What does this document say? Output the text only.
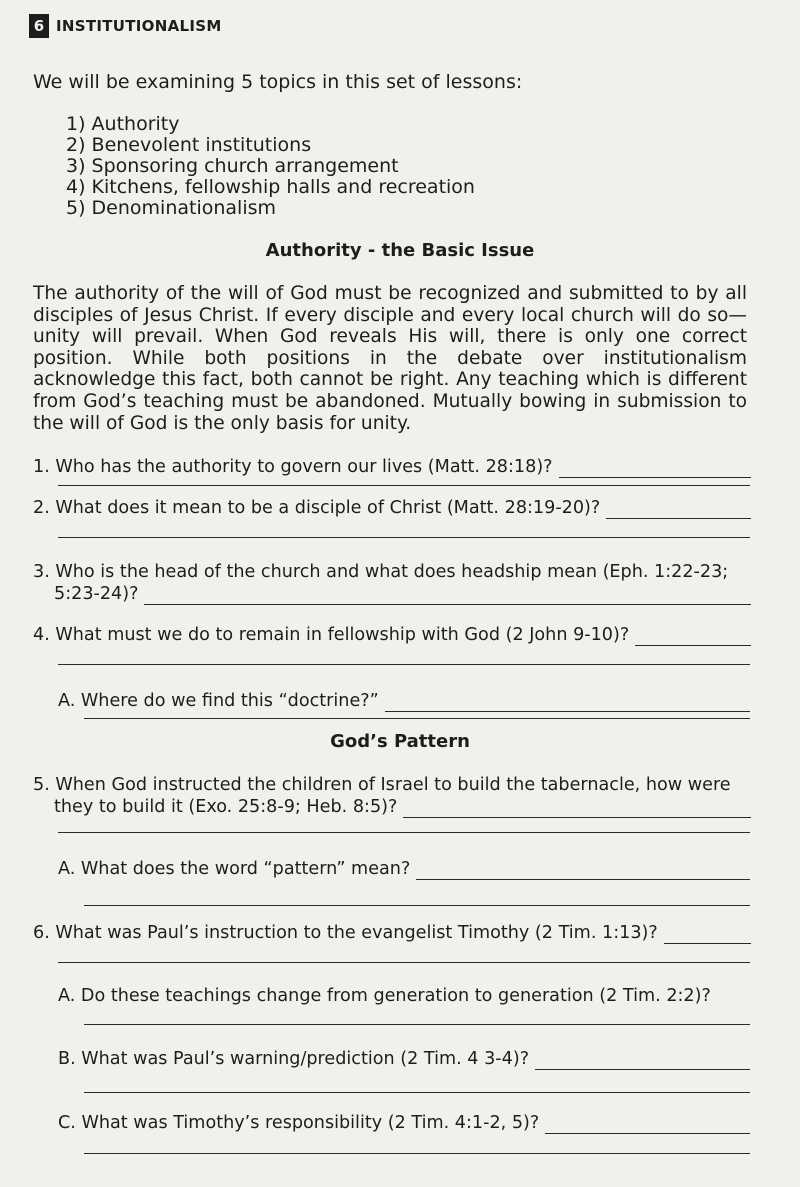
6 INSTITUTIONALISM
We will be examining 5 topics in this set of lessons:
1) Authority
2) Benevolent institutions
3) Sponsoring church arrangement
4) Kitchens, fellowship halls and recreation
5) Denominationalism
Authority - the Basic Issue
The authority of the will of God must be recognized and submitted to by all disciples of Jesus Christ. If every disciple and every local church will do so—unity will prevail. When God reveals His will, there is only one correct position. While both positions in the debate over institutionalism acknowledge this fact, both cannot be right. Any teaching which is different from God’s teaching must be abandoned. Mutually bowing in submission to the will of God is the only basis for unity.
1. Who has the authority to govern our lives (Matt. 28:18)?
2. What does it mean to be a disciple of Christ (Matt. 28:19-20)?
3. Who is the head of the church and what does headship mean (Eph. 1:22-23;
5:23-24)?
4. What must we do to remain in fellowship with God (2 John 9-10)?
A. Where do we find this “doctrine?”
God’s Pattern
5. When God instructed the children of Israel to build the tabernacle, how were
they to build it (Exo. 25:8-9; Heb. 8:5)?
A. What does the word “pattern” mean?
6. What was Paul’s instruction to the evangelist Timothy (2 Tim. 1:13)?
A. Do these teachings change from generation to generation (2 Tim. 2:2)?
B. What was Paul’s warning/prediction (2 Tim. 4 3-4)?
C. What was Timothy’s responsibility (2 Tim. 4:1-2, 5)?
